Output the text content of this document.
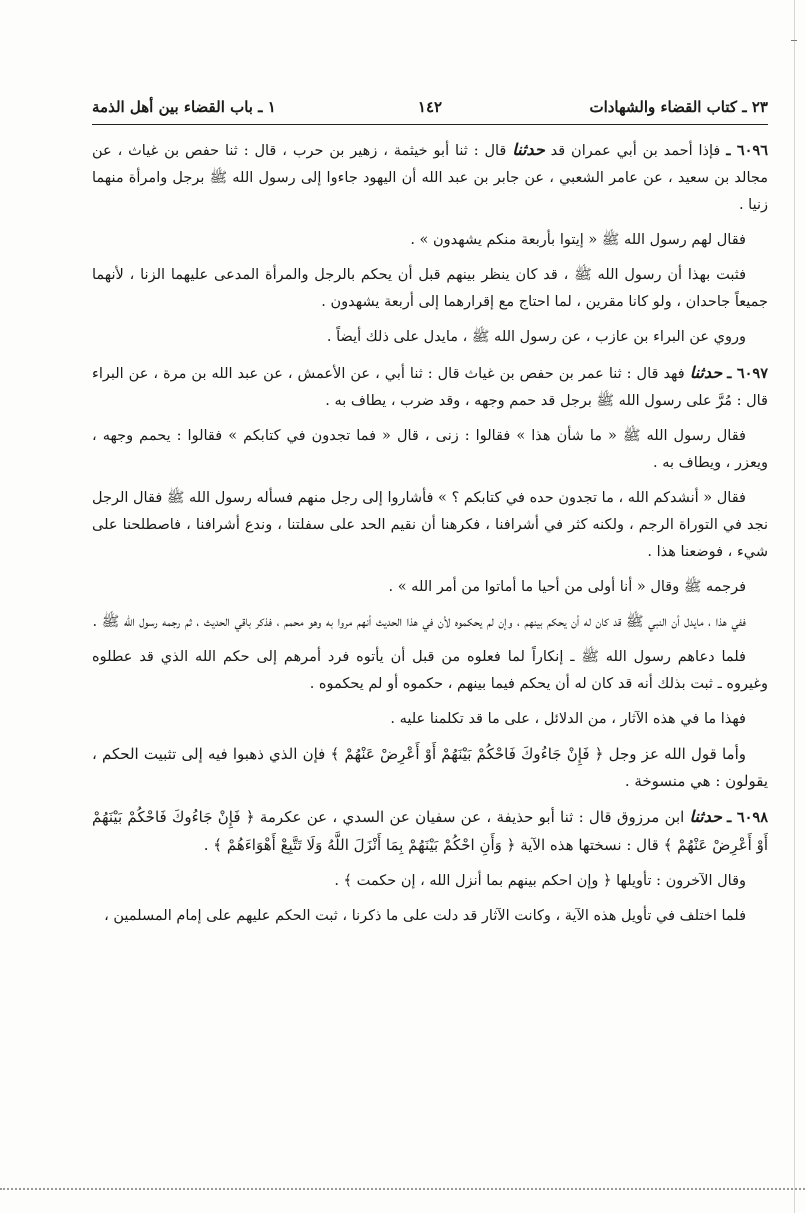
٢٣ ـ كتاب القضاء والشهادات
١٤٢
١ ـ باب القضاء بين أهل الذمة

٦٠٩٦ ـ فإذا أحمد بن أبي عمران قد حدثنا قال : ثنا أبو خيثمة ، زهير بن حرب ، قال : ثنا حفص بن غياث ، عن مجالد بن سعيد ، عن عامر الشعبي ، عن جابر بن عبد الله أن اليهود جاءوا إلى رسول الله ﷺ برجل وامرأة منهما زنيا .

فقال لهم رسول الله ﷺ « إيتوا بأربعة منكم يشهدون » .

فثبت بهذا أن رسول الله ﷺ ، قد كان ينظر بينهم قبل أن يحكم بالرجل والمرأة المدعى عليهما الزنا ، لأنهما جميعاً جاحدان ، ولو كانا مقرين ، لما احتاج مع إقرارهما إلى أربعة يشهدون .

وروي عن البراء بن عازب ، عن رسول الله ﷺ ، مايدل على ذلك أيضاً .

٦٠٩٧ ـ حدثنا فهد قال : ثنا عمر بن حفص بن غياث قال : ثنا أبي ، عن الأعمش ، عن عبد الله بن مرة ، عن البراء قال : مُرَّ على رسول الله ﷺ برجل قد حمم وجهه ، وقد ضرب ، يطاف به .

فقال رسول الله ﷺ « ما شأن هذا » فقالوا : زنى ، قال « فما تجدون في كتابكم » فقالوا : يحمم وجهه ، ويعزر ، ويطاف به .

فقال « أنشدكم الله ، ما تجدون حده في كتابكم ؟ » فأشاروا إلى رجل منهم فسأله رسول الله ﷺ فقال الرجل نجد في التوراة الرجم ، ولكنه كثر في أشرافنا ، فكرهنا أن نقيم الحد على سفلتنا ، وندع أشرافنا ، فاصطلحنا على شيء ، فوضعنا هذا .

فرجمه ﷺ وقال « أنا أولى من أحيا ما أماتوا من أمر الله » .

ففي هذا ، مايدل أن النبي ﷺ قد كان له أن يحكم بينهم ، وإن لم يحكموه لأن في هذا الحديث أنهم مروا به وهو محمم ، فذكر باقي الحديث ، ثم رجمه رسول الله ﷺ .

فلما دعاهم رسول الله ﷺ ـ إنكاراً لما فعلوه من قبل أن يأتوه فرد أمرهم إلى حكم الله الذي قد عطلوه وغيروه ـ ثبت بذلك أنه قد كان له أن يحكم فيما بينهم ، حكموه أو لم يحكموه .

فهذا ما في هذه الآثار ، من الدلائل ، على ما قد تكلمنا عليه .

وأما قول الله عز وجل ﴿ فَإِنْ جَاءُوكَ فَاحْكُمْ بَيْنَهُمْ أَوْ أَعْرِضْ عَنْهُمْ ﴾ فإن الذي ذهبوا فيه إلى تثبيت الحكم ، يقولون : هي منسوخة .

٦٠٩٨ ـ حدثنا ابن مرزوق قال : ثنا أبو حذيفة ، عن سفيان عن السدي ، عن عكرمة ﴿ فَإِنْ جَاءُوكَ فَاحْكُمْ بَيْنَهُمْ أَوْ أَعْرِضْ عَنْهُمْ ﴾ قال : نسختها هذه الآية ﴿ وَأَنِ احْكُمْ بَيْنَهُمْ بِمَا أَنْزَلَ اللَّهُ وَلَا تَتَّبِعْ أَهْوَاءَهُمْ ﴾ .

وقال الآخرون : تأويلها ﴿ وإن احكم بينهم بما أنزل الله ، إن حكمت ﴾ .

فلما اختلف في تأويل هذه الآية ، وكانت الآثار قد دلت على ما ذكرنا ، ثبت الحكم عليهم على إمام المسلمين ،
